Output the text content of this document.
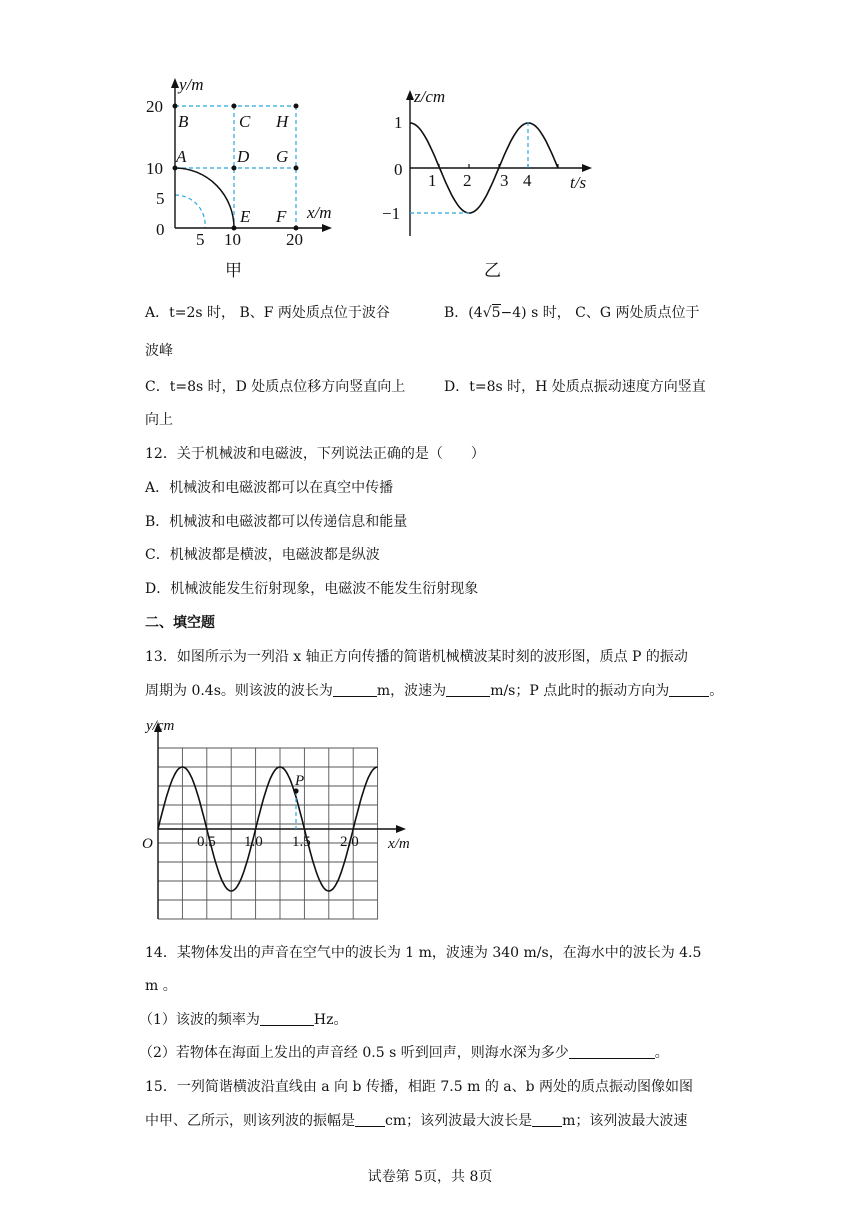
y/m
x/m
20
10
5
0
5 10	20
A
B	C
D
E F
G
H
甲
z/cm
t/s
1
0
−1
1 2 3 4
乙
A．t=2s 时， B、F 两处质点位于波谷	B．(4√5−4) s 时， C、G 两处质点位于
波峰
C．t=8s 时，D 处质点位移方向竖直向上	D．t=8s 时，H 处质点振动速度方向竖直
向上
12．关于机械波和电磁波，下列说法正确的是（　　）
A．机械波和电磁波都可以在真空中传播
B．机械波和电磁波都可以传递信息和能量
C．机械波都是横波，电磁波都是纵波
D．机械波能发生衍射现象，电磁波不能发生衍射现象
二、填空题
13．如图所示为一列沿 x 轴正方向传播的简谐机械横波某时刻的波形图，质点 P 的振动
周期为 0.4s。则该波的波长为	m，波速为	m/s；P 点此时的振动方向为	。
y/cm
x/m
O	0.5 1.0 1.5 2.0
P
14．某物体发出的声音在空气中的波长为 1 m，波速为 340 m/s，在海水中的波长为 4.5
m 。
（1）该波的频率为	Hz。
（2）若物体在海面上发出的声音经 0.5 s 听到回声，则海水深为多少	。
15．一列简谐横波沿直线由 a 向 b 传播，相距 7.5 m 的 a、b 两处的质点振动图像如图
中甲、乙所示，则该列波的振幅是 cm；该列波最大波长是 m；该列波最大波速
试卷第 5页，共 8页
